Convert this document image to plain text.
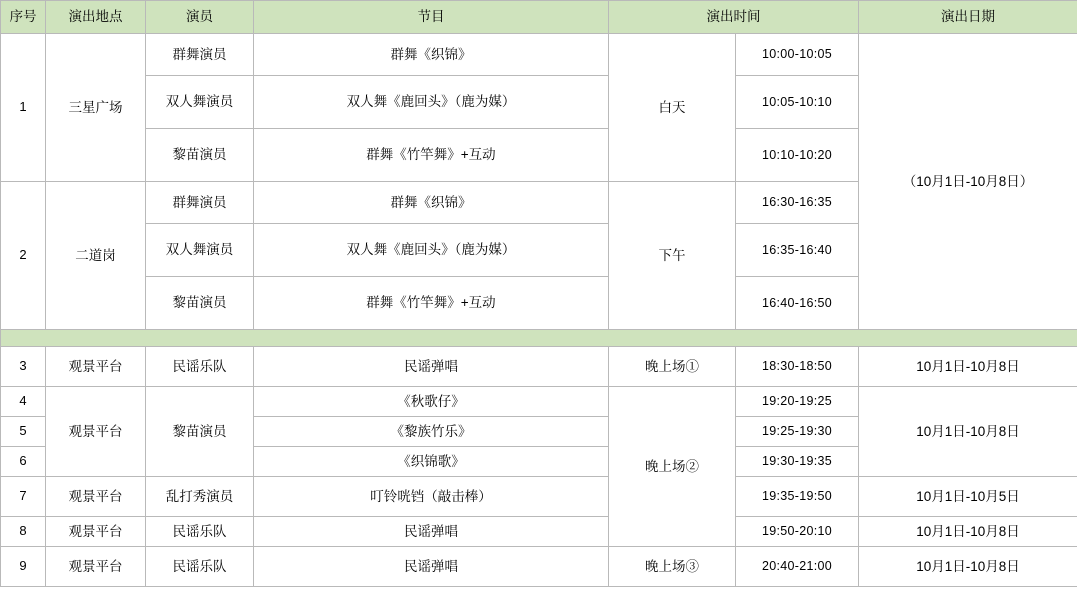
序号	演出地点	演员	节目	演出时间		演出日期
1	三星广场	群舞演员	群舞《织锦》	白天	10:00-10:05	（10月1日-10月8日）
		双人舞演员	双人舞《鹿回头》（鹿为媒）		10:05-10:10	
		黎苗演员	群舞《竹竿舞》+互动		10:10-10:20	
2	二道岗	群舞演员	群舞《织锦》	下午	16:30-16:35	
		双人舞演员	双人舞《鹿回头》（鹿为媒）		16:35-16:40	
		黎苗演员	群舞《竹竿舞》+互动		16:40-16:50	

3	观景平台	民谣乐队	民谣弹唱	晚上场①	18:30-18:50	10月1日-10月8日
4	观景平台	黎苗演员	《秋歌仔》	晚上场②	19:20-19:25	10月1日-10月8日
5			《黎族竹乐》		19:25-19:30	
6			《织锦歌》		19:30-19:35	
7	观景平台	乱打秀演员	叮铃咣铛（敲击棒）		19:35-19:50	10月1日-10月5日
8	观景平台	民谣乐队	民谣弹唱		19:50-20:10	10月1日-10月8日
9	观景平台	民谣乐队	民谣弹唱	晚上场③	20:40-21:00	10月1日-10月8日
